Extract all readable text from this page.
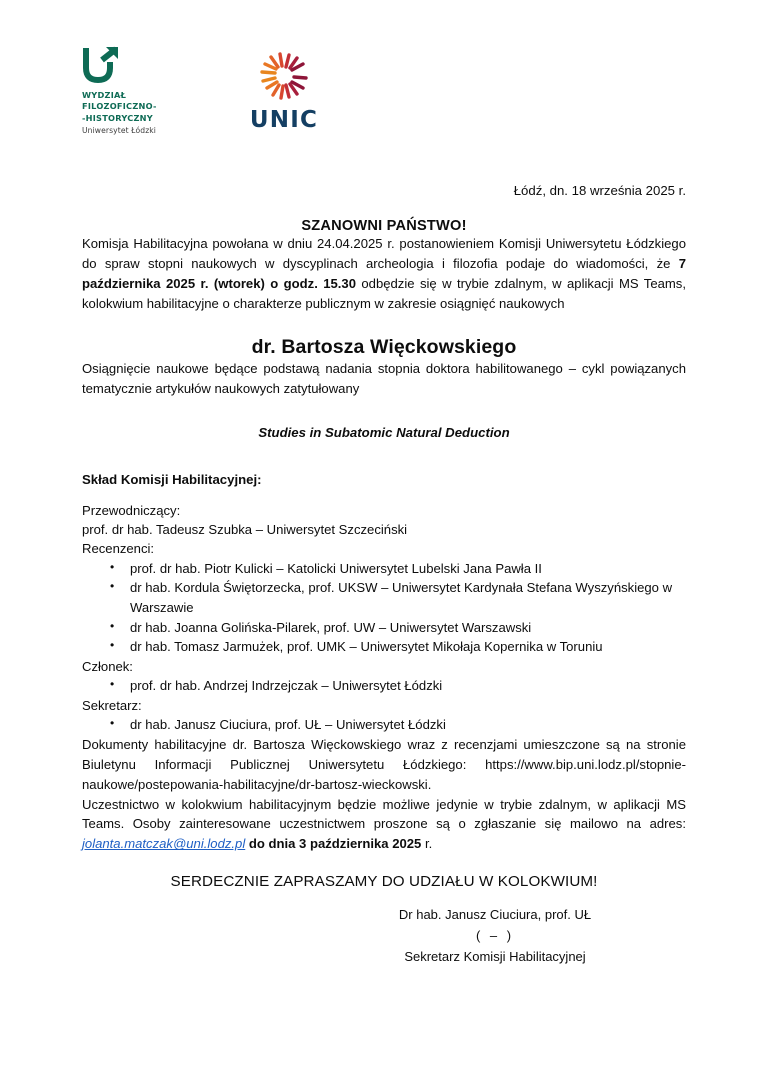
WYDZIAŁ
FILOZOFICZNO-
-HISTORYCZNY
Uniwersytet Łódzki	UNIC
Łódź, dn. 18 września 2025 r.
SZANOWNI PAŃSTWO!

Komisja Habilitacyjna powołana w dniu 24.04.2025 r. postanowieniem Komisji Uniwersytetu Łódzkiego do spraw stopni naukowych w dyscyplinach archeologia i filozofia podaje do wiadomości, że 7 października 2025 r. (wtorek) o godz. 15.30 odbędzie się w trybie zdalnym, w aplikacji MS Teams, kolokwium habilitacyjne o charakterze publicznym w zakresie osiągnięć naukowych

dr. Bartosza Więckowskiego

Osiągnięcie naukowe będące podstawą nadania stopnia doktora habilitowanego – cykl powiązanych tematycznie artykułów naukowych zatytułowany

Studies in Subatomic Natural Deduction
Skład Komisji Habilitacyjnej:
Przewodniczący:
prof. dr hab. Tadeusz Szubka – Uniwersytet Szczeciński
Recenzenci:
• prof. dr hab. Piotr Kulicki – Katolicki Uniwersytet Lubelski Jana Pawła II
• dr hab. Kordula Świętorzecka, prof. UKSW – Uniwersytet Kardynała Stefana Wyszyńskiego w Warszawie
• dr hab. Joanna Golińska-Pilarek, prof. UW – Uniwersytet Warszawski
• dr hab. Tomasz Jarmużek, prof. UMK – Uniwersytet Mikołaja Kopernika w Toruniu
Członek:
• prof. dr hab. Andrzej Indrzejczak – Uniwersytet Łódzki
Sekretarz:
• dr hab. Janusz Ciuciura, prof. UŁ – Uniwersytet Łódzki

Dokumenty habilitacyjne dr. Bartosza Więckowskiego wraz z recenzjami umieszczone są na stronie Biuletynu Informacji Publicznej Uniwersytetu Łódzkiego: https://www.bip.uni.lodz.pl/stopnie-naukowe/postepowania-habilitacyjne/dr-bartosz-wieckowski.

Uczestnictwo w kolokwium habilitacyjnym będzie możliwe jedynie w trybie zdalnym, w aplikacji MS Teams. Osoby zainteresowane uczestnictwem proszone są o zgłaszanie się mailowo na adres: jolanta.matczak@uni.lodz.pl do dnia 3 października 2025 r.

SERDECZNIE ZAPRASZAMY DO UDZIAŁU W KOLOKWIUM!
Dr hab. Janusz Ciuciura, prof. UŁ
( – )
Sekretarz Komisji Habilitacyjnej
